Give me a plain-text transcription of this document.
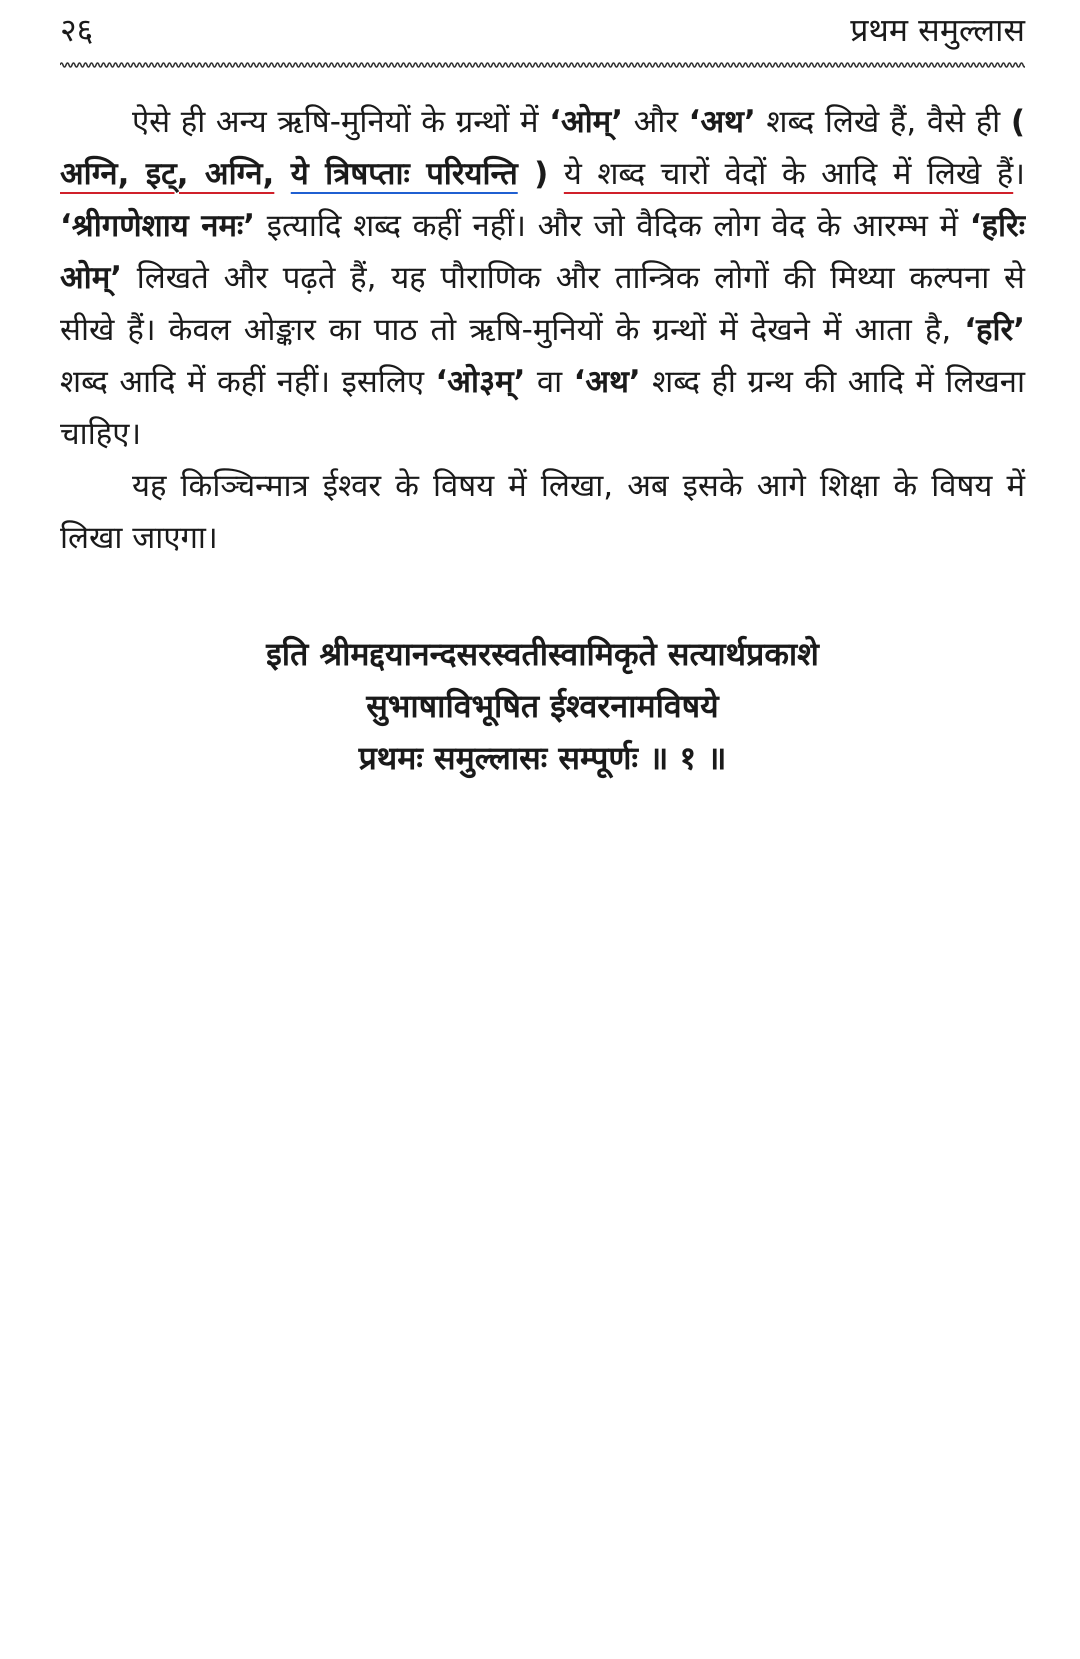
२६	प्रथम समुल्लास

ऐसे ही अन्य ऋषि-मुनियों के ग्रन्थों में ‘ओम्’ और ‘अथ’ शब्द लिखे हैं, वैसे ही ( अग्नि, इट्, अग्नि, ये त्रिषप्ताः परियन्ति ) ये शब्द चारों वेदों के आदि में लिखे हैं। ‘श्रीगणेशाय नमः’ इत्यादि शब्द कहीं नहीं। और जो वैदिक लोग वेद के आरम्भ में ‘हरिः ओम्’ लिखते और पढ़ते हैं, यह पौराणिक और तान्त्रिक लोगों की मिथ्या कल्पना से सीखे हैं। केवल ओङ्कार का पाठ तो ऋषि-मुनियों के ग्रन्थों में देखने में आता है, ‘हरि’ शब्द आदि में कहीं नहीं। इसलिए ‘ओ३म्’ वा ‘अथ’ शब्द ही ग्रन्थ की आदि में लिखना चाहिए।

यह किञ्चिन्मात्र ईश्वर के विषय में लिखा, अब इसके आगे शिक्षा के विषय में लिखा जाएगा।

इति श्रीमद्दयानन्दसरस्वतीस्वामिकृते सत्यार्थप्रकाशे
सुभाषाविभूषित ईश्वरनामविषये
प्रथमः समुल्लासः सम्पूर्णः ॥ १ ॥
